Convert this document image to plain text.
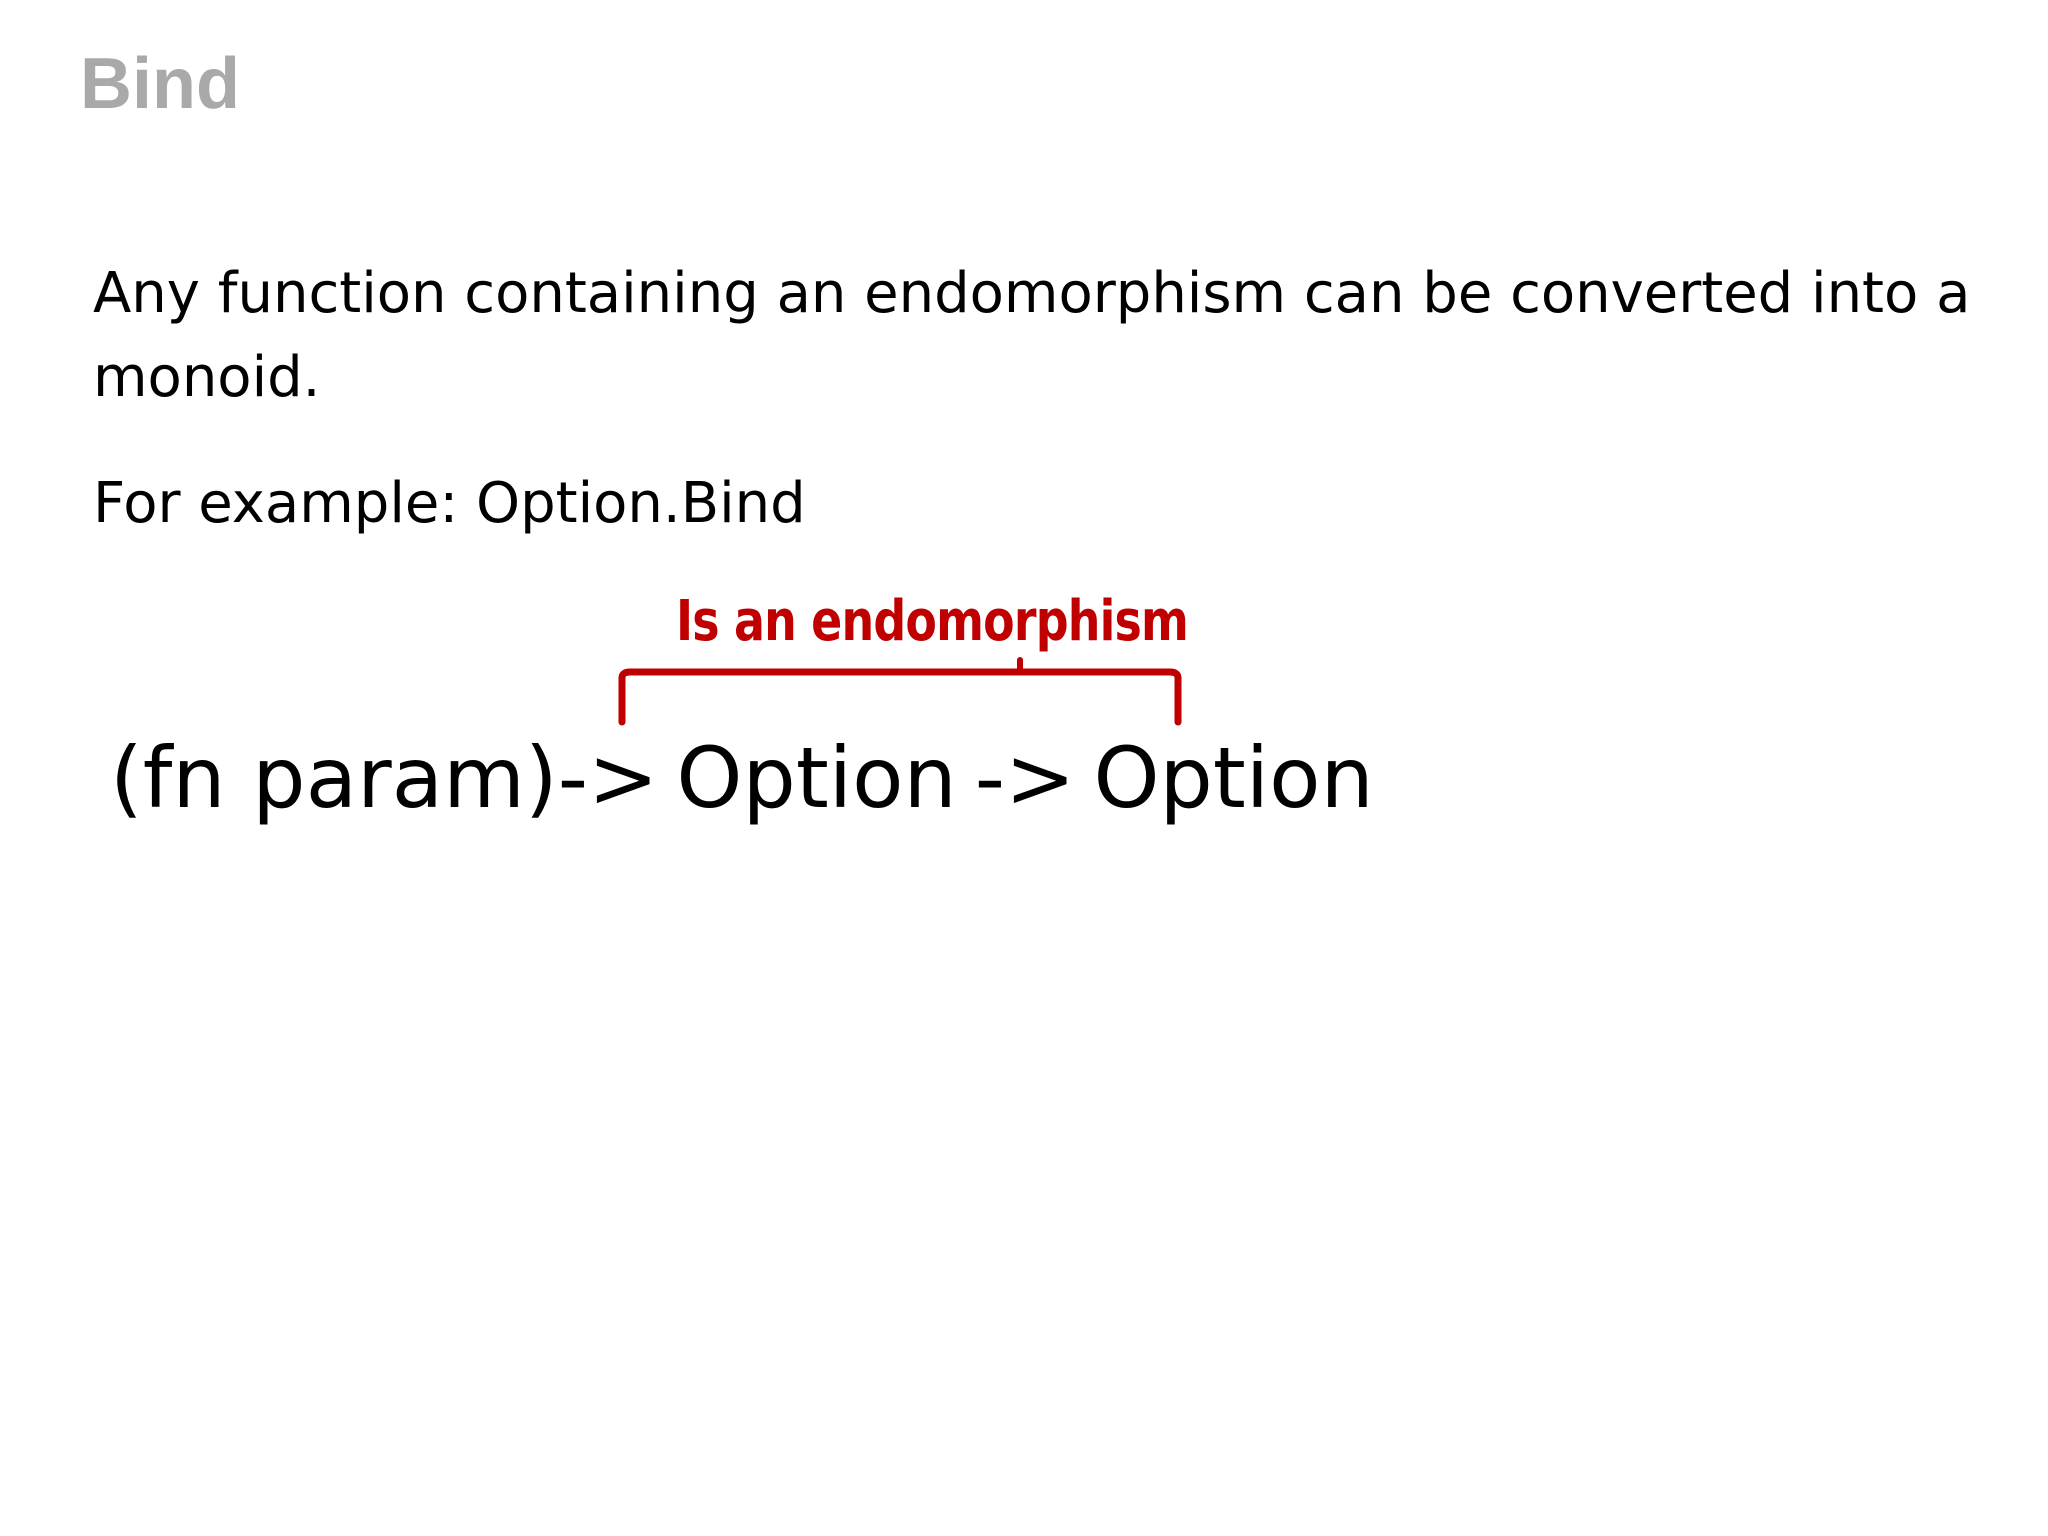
Bind

Any function containing an endomorphism can be converted into a monoid.

For example: Option.Bind

(fn param)-> Option -> Option
Is an endomorphism
